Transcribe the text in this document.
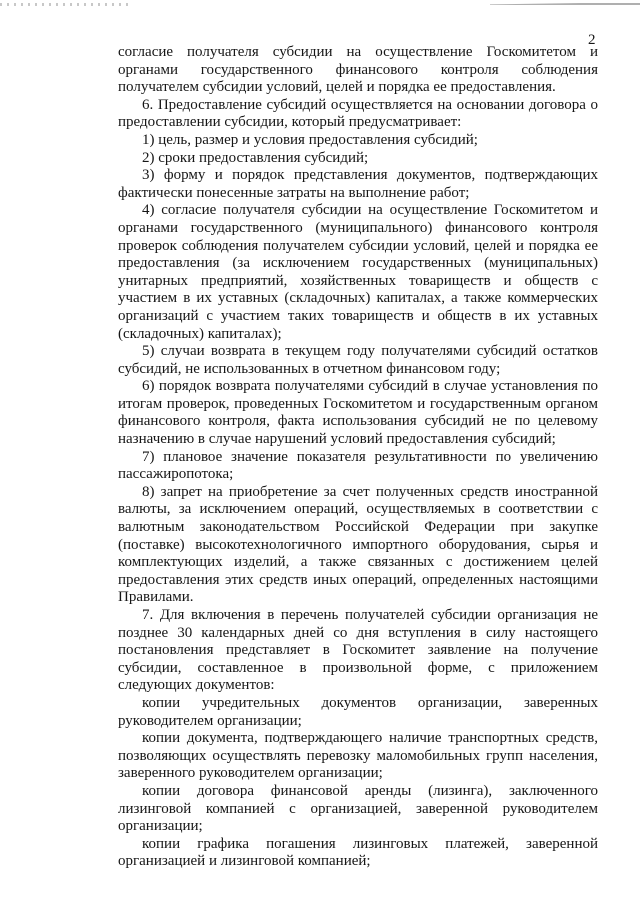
2

согласие получателя субсидии на осуществление Госкомитетом и органами государственного финансового контроля соблюдения получателем субсидии условий, целей и порядка ее предоставления.

6. Предоставление субсидий осуществляется на основании договора о предоставлении субсидии, который предусматривает:

1) цель, размер и условия предоставления субсидий;

2) сроки предоставления субсидий;

3) форму и порядок представления документов, подтверждающих фактически понесенные затраты на выполнение работ;

4) согласие получателя субсидии на осуществление Госкомитетом и органами государственного (муниципального) финансового контроля проверок соблюдения получателем субсидии условий, целей и порядка ее предоставления (за исключением государственных (муниципальных) унитарных предприятий, хозяйственных товариществ и обществ с участием в их уставных (складочных) капиталах, а также коммерческих организаций с участием таких товариществ и обществ в их уставных (складочных) капиталах);

5) случаи возврата в текущем году получателями субсидий остатков субсидий, не использованных в отчетном финансовом году;

6) порядок возврата получателями субсидий в случае установления по итогам проверок, проведенных Госкомитетом и государственным органом финансового контроля, факта использования субсидий не по целевому назначению в случае нарушений условий предоставления субсидий;

7) плановое значение показателя результативности по увеличению пассажиропотока;

8) запрет на приобретение за счет полученных средств иностранной валюты, за исключением операций, осуществляемых в соответствии с валютным законодательством Российской Федерации при закупке (поставке) высокотехнологичного импортного оборудования, сырья и комплектующих изделий, а также связанных с достижением целей предоставления этих средств иных операций, определенных настоящими Правилами.

7. Для включения в перечень получателей субсидии организация не позднее 30 календарных дней со дня вступления в силу настоящего постановления представляет в Госкомитет заявление на получение субсидии, составленное в произвольной форме, с приложением следующих документов:

копии учредительных документов организации, заверенных руководителем организации;

копии документа, подтверждающего наличие транспортных средств, позволяющих осуществлять перевозку маломобильных групп населения, заверенного руководителем организации;

копии договора финансовой аренды (лизинга), заключенного лизинговой компанией с организацией, заверенной руководителем организации;

копии графика погашения лизинговых платежей, заверенной организацией и лизинговой компанией;
